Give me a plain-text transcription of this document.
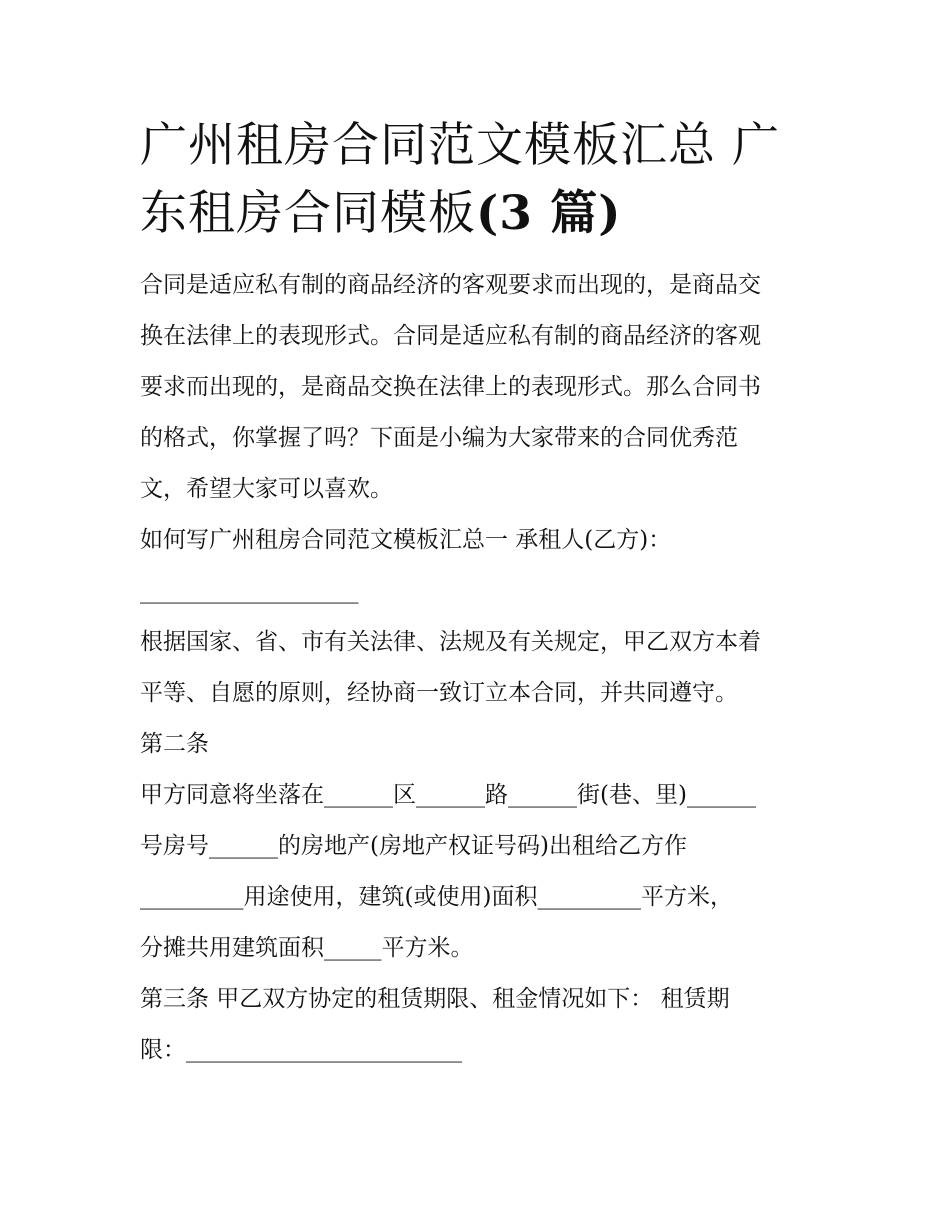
广州租房合同范文模板汇总 广
东租房合同模板(3 篇)

合同是适应私有制的商品经济的客观要求而出现的，是商品交
换在法律上的表现形式。合同是适应私有制的商品经济的客观
要求而出现的，是商品交换在法律上的表现形式。那么合同书
的格式，你掌握了吗？下面是小编为大家带来的合同优秀范
文，希望大家可以喜欢。

如何写广州租房合同范文模板汇总一 承租人(乙方)：
___________________

根据国家、省、市有关法律、法规及有关规定，甲乙双方本着
平等、自愿的原则，经协商一致订立本合同，并共同遵守。

第二条

甲方同意将坐落在______区______路______街(巷、里)______
号房号______的房地产(房地产权证号码)出租给乙方作
_________用途使用，建筑(或使用)面积_________平方米，
分摊共用建筑面积_____平方米。

第三条 甲乙双方协定的租赁期限、租金情况如下： 租赁期
限：________________________
